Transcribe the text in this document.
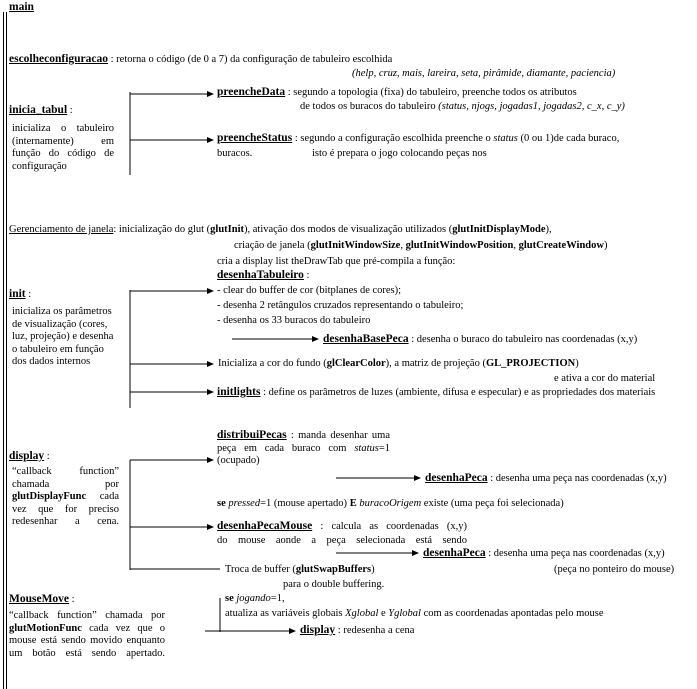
main
escolheconfiguracao : retorna o código (de 0 a 7) da configuração de tabuleiro escolhida
(help, cruz, mais, lareira, seta, pirâmide, diamante, paciencia)
inicia_tabul :
inicializa o tabuleiro (internamente) em função do código de configuração
preencheData : segundo a topologia (fixa) do tabuleiro, preenche todos os atributos
de todos os buracos do tabuleiro (status, njogs, jogadas1, jogadas2, c_x, c_y)
preencheStatus : segundo a configuração escolhida preenche o status (0 ou 1)de cada buraco,
buracos.	isto é prepara o jogo colocando peças nos
Gerenciamento de janela: inicialização do glut (glutInit), ativação dos modos de visualização utilizados (glutInitDisplayMode),
criação de janela (glutInitWindowSize, glutInitWindowPosition, glutCreateWindow)
cria a display list theDrawTab que pré-compila a função:
init :
inicializa os parâmetros de visualização (cores, luz, projeção) e desenha o tabuleiro em função dos dados internos
desenhaTabuleiro :
- clear do buffer de cor (bitplanes de cores);
- desenha 2 retângulos cruzados representando o tabuleiro;
- desenha os 33 buracos do tabuleiro
desenhaBasePeca : desenha o buraco do tabuleiro nas coordenadas (x,y)
Inicializa a cor do fundo (glClearColor), a matriz de projeção (GL_PROJECTION)
e ativa a cor do material
initlights : define os parâmetros de luzes (ambiente, difusa e especular) e as propriedades dos materiais
display :
“callback function” chamada por glutDisplayFunc cada vez que for preciso redesenhar a cena.
distribuiPecas : manda desenhar uma peça em cada buraco com status=1 (ocupado)
desenhaPeca : desenha uma peça nas coordenadas (x,y)
se pressed=1 (mouse apertado) E buracoOrigem existe (uma peça foi selecionada)
desenhaPecaMouse : calcula as coordenadas (x,y)
do mouse aonde a peça selecionada está sendo
desenhaPeca : desenha uma peça nas coordenadas (x,y)
(peça no ponteiro do mouse)
Troca de buffer (glutSwapBuffers)
para o double buffering.
MouseMove :
“callback function” chamada por glutMotionFunc cada vez que o mouse está sendo movido enquanto um botão está sendo apertado.
se jogando=1,
atualiza as variáveis globais Xglobal e Yglobal com as coordenadas apontadas pelo mouse
display : redesenha a cena
